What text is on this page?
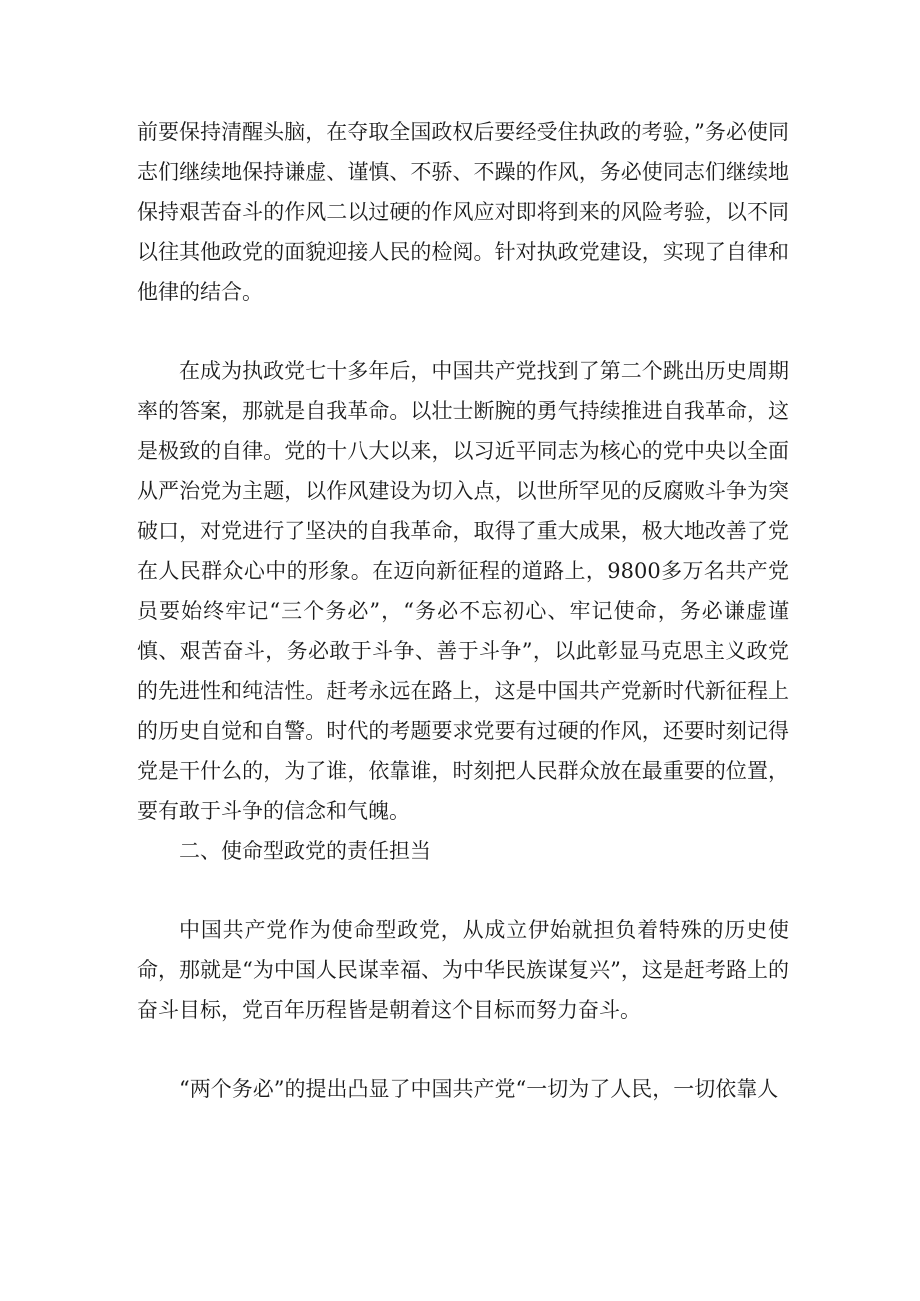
前要保持清醒头脑，在夺取全国政权后要经受住执政的考验，”务必使同志们继续地保持谦虚、谨慎、不骄、不躁的作风，务必使同志们继续地保持艰苦奋斗的作风二以过硬的作风应对即将到来的风险考验，以不同以往其他政党的面貌迎接人民的检阅。针对执政党建设，实现了自律和他律的结合。

在成为执政党七十多年后，中国共产党找到了第二个跳出历史周期率的答案，那就是自我革命。以壮士断腕的勇气持续推进自我革命，这是极致的自律。党的十八大以来，以习近平同志为核心的党中央以全面从严治党为主题，以作风建设为切入点，以世所罕见的反腐败斗争为突破口，对党进行了坚决的自我革命，取得了重大成果，极大地改善了党在人民群众心中的形象。在迈向新征程的道路上，9800多万名共产党员要始终牢记“三个务必”，“务必不忘初心、牢记使命，务必谦虚谨慎、艰苦奋斗，务必敢于斗争、善于斗争”，以此彰显马克思主义政党的先进性和纯洁性。赶考永远在路上，这是中国共产党新时代新征程上的历史自觉和自警。时代的考题要求党要有过硬的作风，还要时刻记得党是干什么的，为了谁，依靠谁，时刻把人民群众放在最重要的位置，要有敢于斗争的信念和气魄。

二、使命型政党的责任担当

中国共产党作为使命型政党，从成立伊始就担负着特殊的历史使命，那就是“为中国人民谋幸福、为中华民族谋复兴”，这是赶考路上的奋斗目标，党百年历程皆是朝着这个目标而努力奋斗。

“两个务必”的提出凸显了中国共产党“一切为了人民，一切依靠人
